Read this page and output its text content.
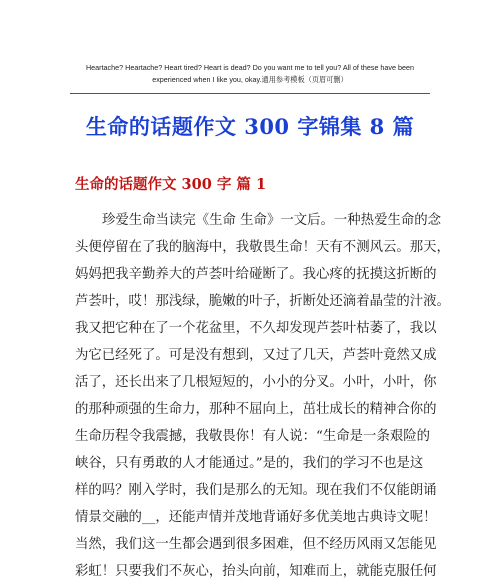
Heartache? Heartache? Heart tired? Heart is dead? Do you want me to tell you? All of these have been
experienced when I like you, okay.通用参考模板（页眉可删）
生命的话题作文 300 字锦集 8 篇
生命的话题作文 300 字 篇 1
珍爱生命当读完《生命 生命》一文后。一种热爱生命的念
头便停留在了我的脑海中，我敬畏生命！天有不测风云。那天，
妈妈把我辛勤养大的芦荟叶给碰断了。我心疼的抚摸这折断的
芦荟叶，哎！那浅绿，脆嫩的叶子，折断处还滴着晶莹的汁液。
我又把它种在了一个花盆里，不久却发现芦荟叶枯萎了，我以
为它已经死了。可是没有想到，又过了几天，芦荟叶竟然又成
活了，还长出来了几根短短的，小小的分叉。小叶，小叶，你
的那种顽强的生命力，那种不屈向上，茁壮成长的精神合你的
生命历程令我震撼，我敬畏你！有人说：“生命是一条艰险的
峡谷，只有勇敢的人才能通过。”是的，我们的学习不也是这
样的吗？刚入学时，我们是那么的无知。现在我们不仅能朗诵
情景交融的__，还能声情并茂地背诵好多优美地古典诗文呢！
当然，我们这一生都会遇到很多困难，但不经历风雨又怎能见
彩虹！只要我们不灰心，抬头向前，知难而上，就能克服任何
